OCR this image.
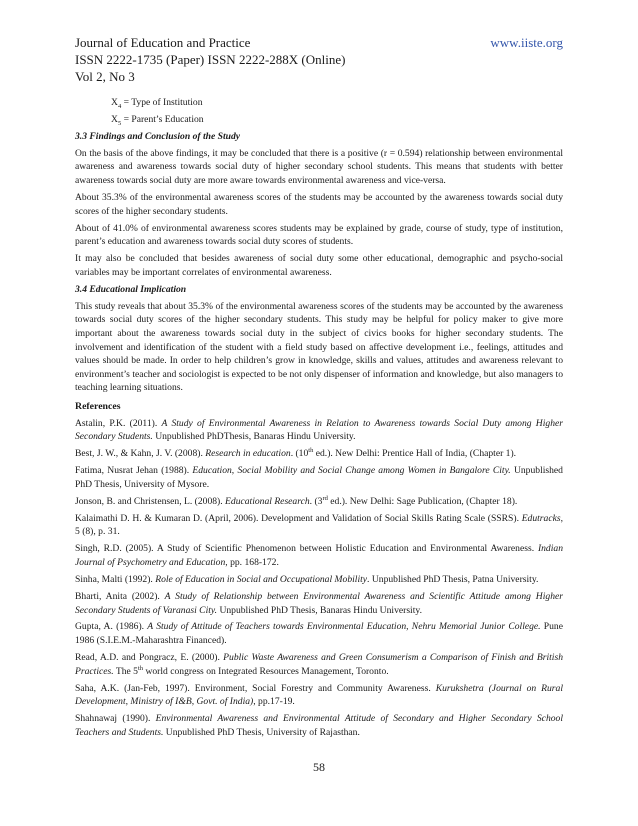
Journal of Education and Practice
ISSN 2222-1735 (Paper) ISSN 2222-288X (Online)
Vol 2, No 3
www.iiste.org
$X_4$ = Type of Institution
$X_5$ = Parent’s Education
3.3 Findings and Conclusion of the Study

On the basis of the above findings, it may be concluded that there is a positive (r = 0.594) relationship between environmental awareness and awareness towards social duty of higher secondary school students. This means that students with better awareness towards social duty are more aware towards environmental awareness and vice-versa.

About 35.3% of the environmental awareness scores of the students may be accounted by the awareness towards social duty scores of the higher secondary students.

About of 41.0% of environmental awareness scores students may be explained by grade, course of study, type of institution, parent’s education and awareness towards social duty scores of students.

It may also be concluded that besides awareness of social duty some other educational, demographic and psycho-social variables may be important correlates of environmental awareness.

3.4 Educational Implication

This study reveals that about 35.3% of the environmental awareness scores of the students may be accounted by the awareness towards social duty scores of the higher secondary students. This study may be helpful for policy maker to give more important about the awareness towards social duty in the subject of civics books for higher secondary students. The involvement and identification of the student with a field study based on affective development i.e., feelings, attitudes and values should be made. In order to help children’s grow in knowledge, skills and values, attitudes and awareness relevant to environment’s teacher and sociologist is expected to be not only dispenser of information and knowledge, but also managers to teaching learning situations.

References
Astalin, P.K. (2011). A Study of Environmental Awareness in Relation to Awareness towards Social Duty among Higher Secondary Students. Unpublished PhDThesis, Banaras Hindu University.
Best, J. W., & Kahn, J. V. (2008). Research in education. (10th ed.). New Delhi: Prentice Hall of India, (Chapter 1).
Fatima, Nusrat Jehan (1988). Education, Social Mobility and Social Change among Women in Bangalore City. Unpublished PhD Thesis, University of Mysore.
Jonson, B. and Christensen, L. (2008). Educational Research. (3rd ed.). New Delhi: Sage Publication, (Chapter 18).
Kalaimathi D. H. & Kumaran D. (April, 2006). Development and Validation of Social Skills Rating Scale (SSRS). Edutracks, 5 (8), p. 31.
Singh, R.D. (2005). A Study of Scientific Phenomenon between Holistic Education and Environmental Awareness. Indian Journal of Psychometry and Education, pp. 168-172.
Sinha, Malti (1992). Role of Education in Social and Occupational Mobility. Unpublished PhD Thesis, Patna University.
Bharti, Anita (2002). A Study of Relationship between Environmental Awareness and Scientific Attitude among Higher Secondary Students of Varanasi City. Unpublished PhD Thesis, Banaras Hindu University.
Gupta, A. (1986). A Study of Attitude of Teachers towards Environmental Education, Nehru Memorial Junior College. Pune 1986 (S.I.E.M.-Maharashtra Financed).
Read, A.D. and Pongracz, E. (2000). Public Waste Awareness and Green Consumerism a Comparison of Finish and British Practices. The 5th world congress on Integrated Resources Management, Toronto.
Saha, A.K. (Jan-Feb, 1997). Environment, Social Forestry and Community Awareness. Kurukshetra (Journal on Rural Development, Ministry of I&B, Govt. of India), pp.17-19.
Shahnawaj (1990). Environmental Awareness and Environmental Attitude of Secondary and Higher Secondary School Teachers and Students. Unpublished PhD Thesis, University of Rajasthan.
58
